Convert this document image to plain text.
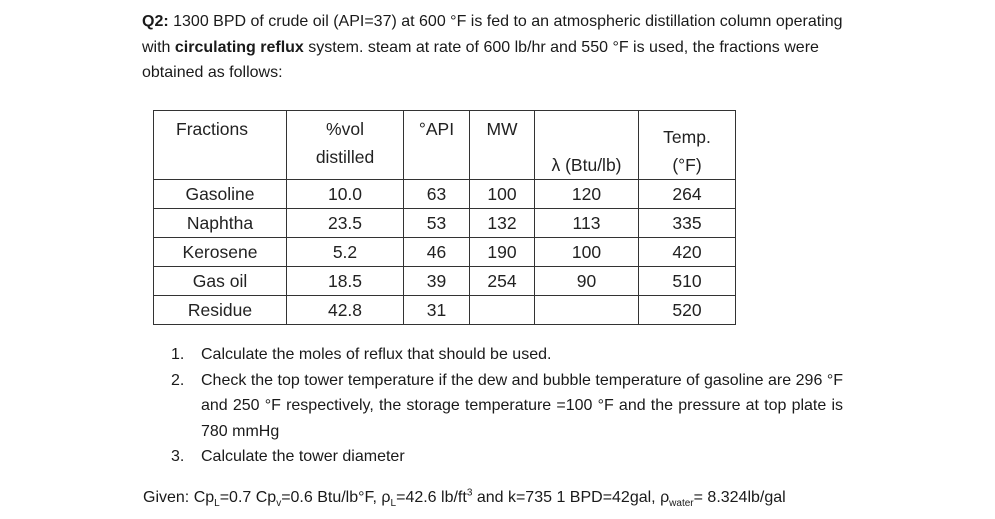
Q2: 1300 BPD of crude oil (API=37) at 600 °F is fed to an atmospheric distillation column operating with circulating reflux system. steam at rate of 600 lb/hr and 550 °F is used, the fractions were obtained as follows:
Fractions	%vol distilled	°API	MW	λ (Btu/lb)	Temp. (°F)
Gasoline	10.0	63	100	120	264
Naphtha	23.5	53	132	113	335
Kerosene	5.2	46	190	100	420
Gas oil	18.5	39	254	90	510
Residue	42.8	31			520
1. Calculate the moles of reflux that should be used.
2. Check the top tower temperature if the dew and bubble temperature of gasoline are 296 °F and 250 °F respectively, the storage temperature =100 °F and the pressure at top plate is 780 mmHg
3. Calculate the tower diameter
Given: $Cp_L=0.7$ $Cp_v=0.6$ Btu/lb°F, $\rho_L=42.6$ $lb/ft^3$ and k=735 1 BPD=42gal, $\rho_{water}= 8.324lb/gal$
